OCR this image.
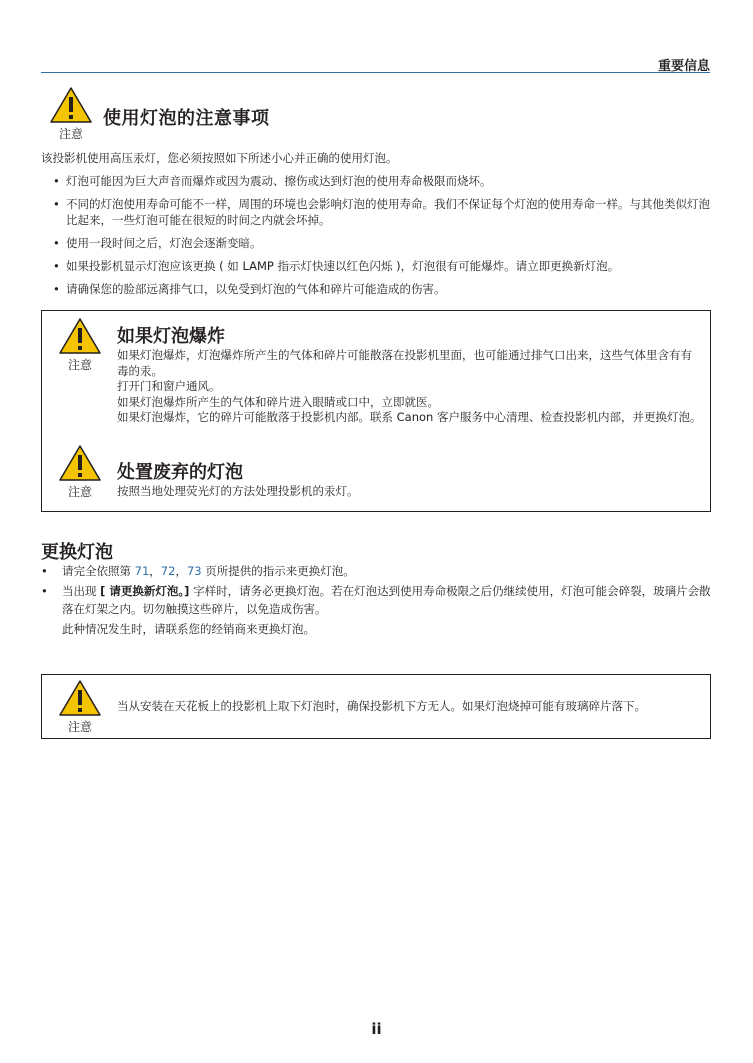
重要信息
注意
使用灯泡的注意事项
该投影机使用高压汞灯，您必须按照如下所述小心并正确的使用灯泡。
• 灯泡可能因为巨大声音而爆炸或因为震动、擦伤或达到灯泡的使用寿命极限而烧坏。
• 不同的灯泡使用寿命可能不一样，周围的环境也会影响灯泡的使用寿命。我们不保证每个灯泡的使用寿命一样。与其他类似灯泡比起来，一些灯泡可能在很短的时间之内就会坏掉。
• 使用一段时间之后，灯泡会逐渐变暗。
• 如果投影机显示灯泡应该更换 ( 如 LAMP 指示灯快速以红色闪烁 )，灯泡很有可能爆炸。请立即更换新灯泡。
• 请确保您的脸部远离排气口，以免受到灯泡的气体和碎片可能造成的伤害。
注意
如果灯泡爆炸
如果灯泡爆炸，灯泡爆炸所产生的气体和碎片可能散落在投影机里面，也可能通过排气口出来，这些气体里含有有毒的汞。
打开门和窗户通风。
如果灯泡爆炸所产生的气体和碎片进入眼睛或口中，立即就医。
如果灯泡爆炸，它的碎片可能散落于投影机内部。联系 Canon 客户服务中心清理、检查投影机内部，并更换灯泡。
注意
处置废弃的灯泡
按照当地处理荧光灯的方法处理投影机的汞灯。
更换灯泡
• 请完全依照第 71，72，73 页所提供的指示来更换灯泡。
• 当出现 [ 请更换新灯泡。] 字样时，请务必更换灯泡。若在灯泡达到使用寿命极限之后仍继续使用，灯泡可能会碎裂，玻璃片会散落在灯架之内。切勿触摸这些碎片，以免造成伤害。
此种情况发生时，请联系您的经销商来更换灯泡。
注意
当从安装在天花板上的投影机上取下灯泡时，确保投影机下方无人。如果灯泡烧掉可能有玻璃碎片落下。
ii
